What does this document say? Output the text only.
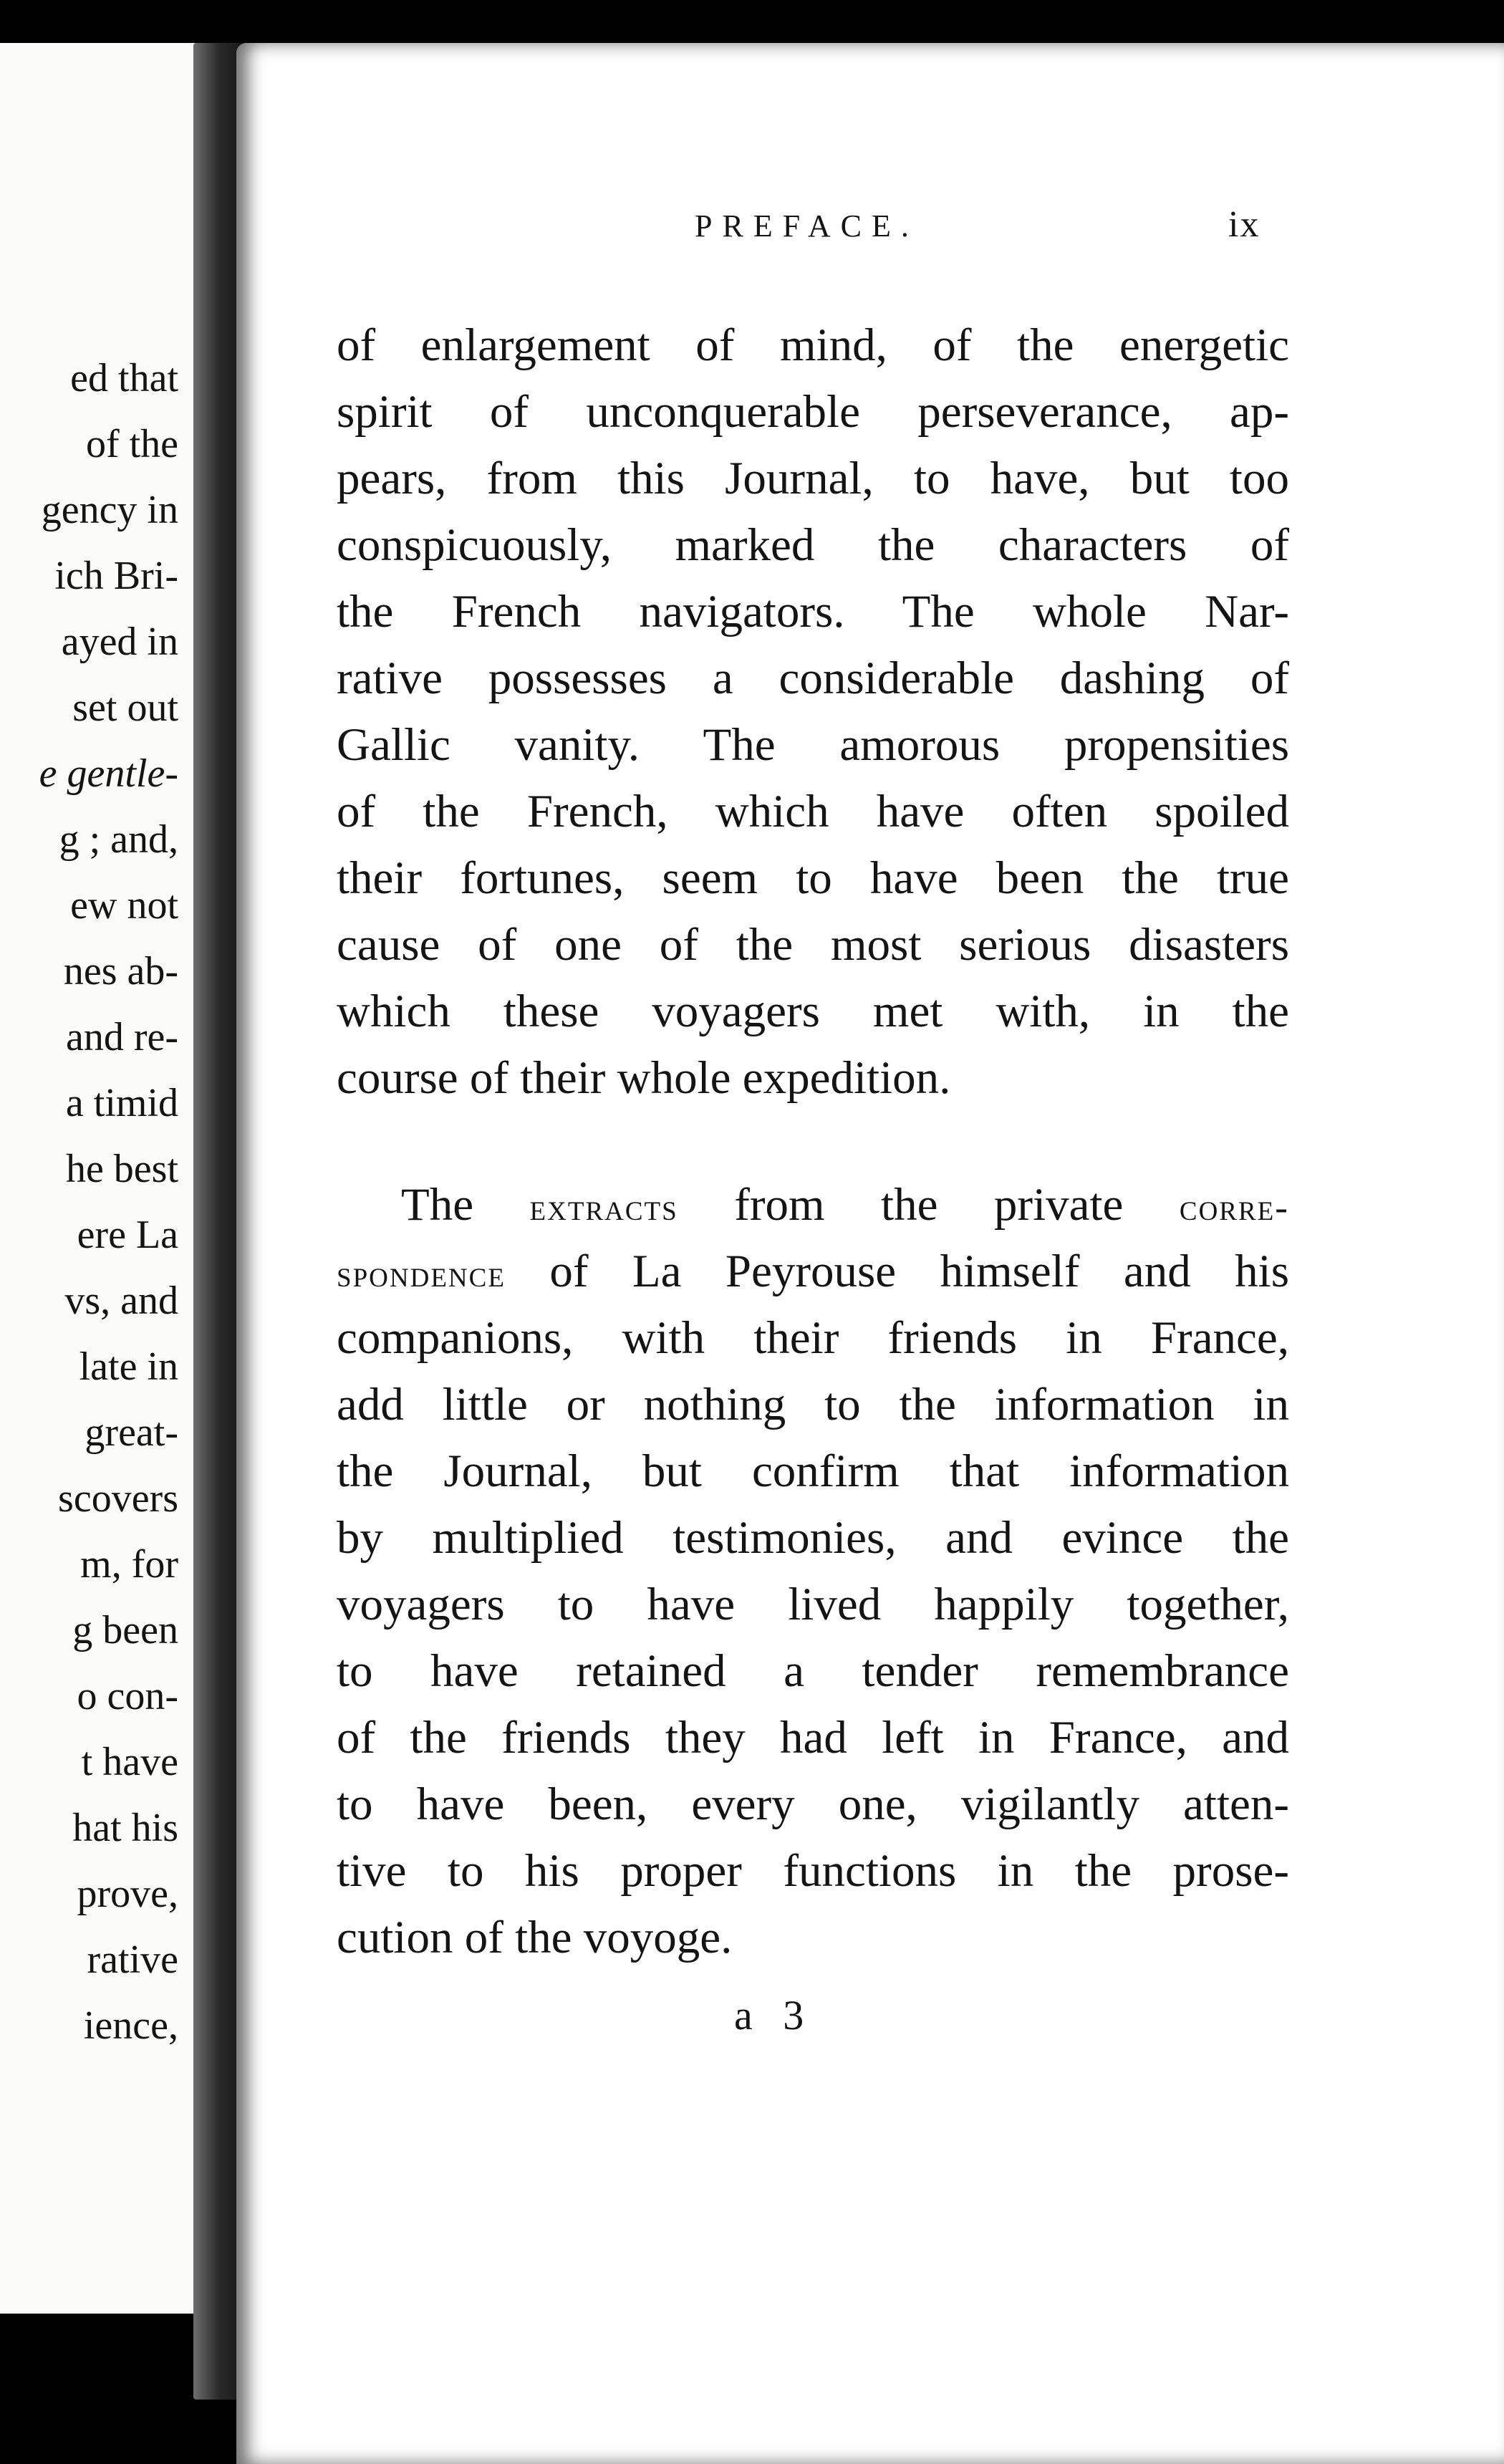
ed that
of the
gency in
ich Bri-
ayed in
set out
e gentle-
g ; and,
ew not
nes ab-
and re-
a timid
he best
ere La
vs, and
late in
great-
scovers
m, for
g been
o con-
t have
hat his
prove,
rative
ience,
PREFACE.	ix
of enlargement of mind, of the energetic
spirit of unconquerable perseverance, ap-
pears, from this Journal, to have, but too
conspicuously, marked the characters of
the French navigators. The whole Nar-
rative possesses a considerable dashing of
Gallic vanity. The amorous propensities
of the French, which have often spoiled
their fortunes, seem to have been the true
cause of one of the most serious disasters
which these voyagers met with, in the
course of their whole expedition.
The extracts from the private corre-
spondence of La Peyrouse himself and his
companions, with their friends in France,
add little or nothing to the information in
the Journal, but confirm that information
by multiplied testimonies, and evince the
voyagers to have lived happily together,
to have retained a tender remembrance
of the friends they had left in France, and
to have been, every one, vigilantly atten-
tive to his proper functions in the prose-
cution of the voyoge.
a 3
